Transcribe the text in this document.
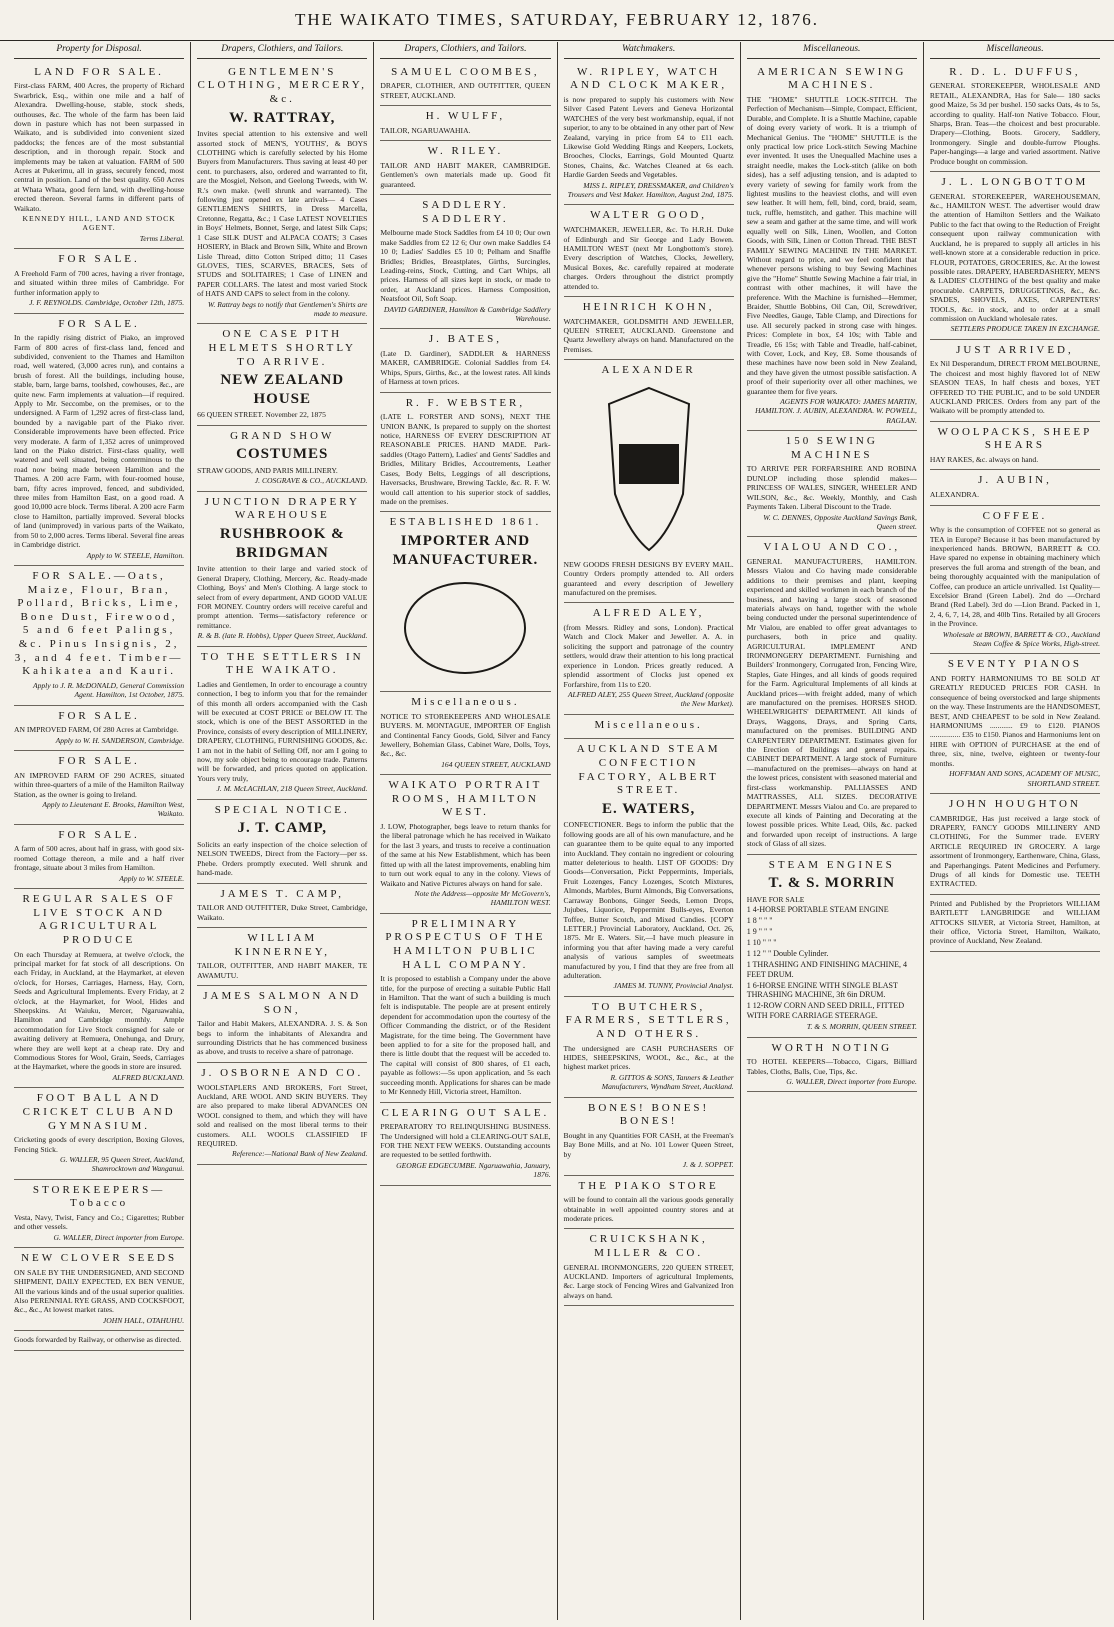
THE WAIKATO TIMES, SATURDAY, FEBRUARY 12, 1876.
Property for Disposal.
LAND FOR SALE.
First-class FARM, 400 Acres, the property of Richard Swarbrick, Esq., within one mile and a half of Alexandra. Dwelling-house, stable, stock sheds, outhouses, &c. The whole of the farm has been laid down in pasture which has not been surpassed in Waikato, and is subdivided into convenient sized paddocks; the fences are of the most substantial description, and in thorough repair. Stock and implements may be taken at valuation. FARM of 500 Acres at Pukerimu, all in grass, securely fenced, most central in position. Land of the best quality. 650 Acres at Whata Whata, good fern land, with dwelling-house erected thereon. Several farms in different parts of Waikato.
KENNEDY HILL, LAND AND STOCK AGENT.
Terms Liberal.
FOR SALE.
A Freehold Farm of 700 acres, having a river frontage, and situated within three miles of Cambridge. For further information apply to
J. F. REYNOLDS. Cambridge, October 12th, 1875.
FOR SALE.
In the rapidly rising district of Piako, an improved Farm of 800 acres of first-class land, fenced and subdivided, convenient to the Thames and Hamilton road, well watered, (3,000 acres run), and contains a brush of forest. All the buildings, including house, stable, barn, large barns, toolshed, cowhouses, &c., are quite new. Farm implements at valuation—if required. Apply to Mr. Seccombe, on the premises, or to the undersigned. A Farm of 1,292 acres of first-class land, bounded by a navigable part of the Piako river. Considerable improvements have been effected. Price very moderate. A farm of 1,352 acres of unimproved land on the Piako district. First-class quality, well watered and well situated, being conterminous to the road now being made between Hamilton and the Thames. A 200 acre Farm, with four-roomed house, barn, fifty acres improved, fenced, and subdivided, three miles from Hamilton East, on a good road. A good 10,000 acre block. Terms liberal. A 200 acre Farm close to Hamilton, partially improved. Several blocks of land (unimproved) in various parts of the Waikato, from 50 to 2,000 acres. Terms liberal. Several fine areas in Cambridge district.
Apply to W. STEELE, Hamilton.
FOR SALE.—Oats, Maize, Flour, Bran, Pollard, Bricks, Lime, Bone Dust, Firewood, 5 and 6 feet Palings, &c. Pinus Insignis, 2, 3, and 4 feet. Timber—Kahikatea and Kauri.
Apply to J. R. McDONALD, General Commission Agent. Hamilton, 1st October, 1875.
FOR SALE.
AN IMPROVED FARM, Of 280 Acres at Cambridge.
Apply to W. H. SANDERSON, Cambridge.
FOR SALE.
AN IMPROVED FARM OF 290 ACRES, situated within three-quarters of a mile of the Hamilton Railway Station, as the owner is going to Ireland.
Apply to Lieutenant E. Brooks, Hamilton West, Waikato.
FOR SALE.
A farm of 500 acres, about half in grass, with good six-roomed Cottage thereon, a mile and a half river frontage, situate about 3 miles from Hamilton.
Apply to W. STEELE.
REGULAR SALES OF LIVE STOCK AND AGRICULTURAL PRODUCE
On each Thursday at Remuera, at twelve o'clock, the principal market for fat stock of all descriptions. On each Friday, in Auckland, at the Haymarket, at eleven o'clock, for Horses, Carriages, Harness, Hay, Corn, Seeds and Agricultural Implements. Every Friday, at 2 o'clock, at the Haymarket, for Wool, Hides and Sheepskins. At Waiuku, Mercer, Ngaruawahia, Hamilton and Cambridge monthly. Ample accommodation for Live Stock consigned for sale or awaiting delivery at Remuera, Onehunga, and Drury, where they are well kept at a cheap rate. Dry and Commodious Stores for Wool, Grain, Seeds, Carriages at the Haymarket, where the goods in store are insured.
ALFRED BUCKLAND.
FOOT BALL AND CRICKET CLUB AND GYMNASIUM.
Cricketing goods of every description, Boxing Gloves, Fencing Stick.
G. WALLER, 95 Queen Street, Auckland, Shamrocktown and Wanganui.
STOREKEEPERS—Tobacco
Vesta, Navy, Twist, Fancy and Co.; Cigarettes; Rubber and other vessels.
G. WALLER, Direct importer from Europe.
NEW CLOVER SEEDS
ON SALE BY THE UNDERSIGNED, AND SECOND SHIPMENT, DAILY EXPECTED, EX BEN VENUE, All the various kinds and of the usual superior qualities. Also PERENNIAL RYE GRASS, AND COCKSFOOT, &c., &c., At lowest market rates.
JOHN HALL, OTAHUHU.
Goods forwarded by Railway, or otherwise as directed.
Drapers, Clothiers, and Tailors.
GENTLEMEN'S CLOTHING, MERCERY, &c.
W. RATTRAY,
Invites special attention to his extensive and well assorted stock of MEN'S, YOUTHS', & BOYS CLOTHING which is carefully selected by his Home Buyers from Manufacturers. Thus saving at least 40 per cent. to purchasers, also, ordered and warranted to fit, are the Mosgiel, Nelson, and Geelong Tweeds, with W. R.'s own make. (well shrunk and warranted). The following just opened ex late arrivals— 4 Cases GENTLEMEN'S SHIRTS, in Dress Marcella, Cretonne, Regatta, &c.; 1 Case LATEST NOVELTIES in Boys' Helmets, Bonnet, Serge, and latest Silk Caps; 1 Case SILK DUST and ALPACA COATS; 3 Cases HOSIERY, in Black and Brown Silk, White and Brown Lisle Thread, ditto Cotton Striped ditto; 11 Cases GLOVES, TIES, SCARVES, BRACES, Sets of STUDS and SOLITAIRES; 1 Case of LINEN and PAPER COLLARS. The latest and most varied Stock of HATS AND CAPS to select from in the colony.
W. Rattray begs to notify that Gentlemen's Shirts are made to measure.
ONE CASE PITH HELMETS SHORTLY TO ARRIVE.
NEW ZEALAND HOUSE
66 QUEEN STREET. November 22, 1875
GRAND SHOW
COSTUMES
STRAW GOODS, AND PARIS MILLINERY.
J. COSGRAVE & CO., AUCKLAND.
JUNCTION DRAPERY WAREHOUSE
RUSHBROOK & BRIDGMAN
Invite attention to their large and varied stock of General Drapery, Clothing, Mercery, &c. Ready-made Clothing, Boys' and Men's Clothing. A large stock to select from of every department, AND GOOD VALUE FOR MONEY. Country orders will receive careful and prompt attention. Terms—satisfactory reference or remittance.
R. & B. (late R. Hobbs), Upper Queen Street, Auckland.
TO THE SETTLERS IN THE WAIKATO.
Ladies and Gentlemen, In order to encourage a country connection, I beg to inform you that for the remainder of this month all orders accompanied with the Cash will be executed at COST PRICE or BELOW IT. The stock, which is one of the BEST ASSORTED in the Province, consists of every description of MILLINERY, DRAPERY, CLOTHING, FURNISHING GOODS, &c. I am not in the habit of Selling Off, nor am I going to now, my sole object being to encourage trade. Patterns will be forwarded, and prices quoted on application. Yours very truly,
J. M. McLACHLAN, 218 Queen Street, Auckland.
SPECIAL NOTICE.
J. T. CAMP,
Solicits an early inspection of the choice selection of NELSON TWEEDS, Direct from the Factory—per ss. Phebe. Orders promptly executed. Well shrunk and hand-made.
JAMES T. CAMP,
TAILOR AND OUTFITTER, Duke Street, Cambridge, Waikato.
WILLIAM KINNERNEY,
TAILOR, OUTFITTER, AND HABIT MAKER, TE AWAMUTU.
JAMES SALMON AND SON,
Tailor and Habit Makers, ALEXANDRA. J. S. & Son begs to inform the inhabitants of Alexandra and surrounding Districts that he has commenced business as above, and trusts to receive a share of patronage.
J. OSBORNE AND CO.
WOOLSTAPLERS AND BROKERS, Fort Street, Auckland, ARE WOOL AND SKIN BUYERS. They are also prepared to make liberal ADVANCES ON WOOL consigned to them, and which they will have sold and realised on the most liberal terms to their customers. ALL WOOLS CLASSIFIED IF REQUIRED.
Reference:—National Bank of New Zealand.
Drapers, Clothiers, and Tailors.
SAMUEL COOMBES,
DRAPER, CLOTHIER, AND OUTFITTER, QUEEN STREET, AUCKLAND.
H. WULFF,
TAILOR, NGARUAWAHIA.
W. RILEY.
TAILOR AND HABIT MAKER, CAMBRIDGE. Gentlemen's own materials made up. Good fit guaranteed.
SADDLERY. SADDLERY.
Melbourne made Stock Saddles from £4 10 0; Our own make Saddles from £2 12 6; Our own make Saddles £4 10 0; Ladies' Saddles £5 10 0; Pelham and Snaffle Bridles; Bridles, Breastplates, Girths, Surcingles, Leading-reins, Stock, Cutting, and Cart Whips, all prices. Harness of all sizes kept in stock, or made to order, at Auckland prices. Harness Composition, Neatsfoot Oil, Soft Soap.
DAVID GARDINER, Hamilton & Cambridge Saddlery Warehouse.
J. BATES,
(Late D. Gardiner), SADDLER & HARNESS MAKER, CAMBRIDGE. Colonial Saddles from £4. Whips, Spurs, Girths, &c., at the lowest rates. All kinds of Harness at town prices.
R. F. WEBSTER,
(LATE L. FORSTER AND SONS), NEXT THE UNION BANK, Is prepared to supply on the shortest notice, HARNESS OF EVERY DESCRIPTION AT REASONABLE PRICES. HAND MADE. Park-saddles (Otago Pattern), Ladies' and Gents' Saddles and Bridles, Military Bridles, Accoutrements, Leather Cases, Body Belts, Leggings of all descriptions, Haversacks, Brushware, Brewing Tackle, &c. R. F. W. would call attention to his superior stock of saddles, made on the premises.
ESTABLISHED 1861.
IMPORTER AND MANUFACTURER.
Miscellaneous.
NOTICE TO STOREKEEPERS AND WHOLESALE BUYERS. M. MONTAGUE, IMPORTER OF English and Continental Fancy Goods, Gold, Silver and Fancy Jewellery, Bohemian Glass, Cabinet Ware, Dolls, Toys, &c., &c.
164 QUEEN STREET, AUCKLAND
WAIKATO PORTRAIT ROOMS, HAMILTON WEST.
J. LOW, Photographer, begs leave to return thanks for the liberal patronage which he has received in Waikato for the last 3 years, and trusts to receive a continuation of the same at his New Establishment, which has been fitted up with all the latest improvements, enabling him to turn out work equal to any in the colony. Views of Waikato and Native Pictures always on hand for sale.
Note the Address—opposite Mr McGovern's, HAMILTON WEST.
PRELIMINARY PROSPECTUS OF THE HAMILTON PUBLIC HALL COMPANY.
It is proposed to establish a Company under the above title, for the purpose of erecting a suitable Public Hall in Hamilton. That the want of such a building is much felt is indisputable. The people are at present entirely dependent for accommodation upon the courtesy of the Officer Commanding the district, or of the Resident Magistrate, for the time being. The Government have been applied to for a site for the proposed hall, and there is little doubt that the request will be acceded to. The capital will consist of 800 shares, of £1 each, payable as follows:—5s upon application, and 5s each succeeding month. Applications for shares can be made to Mr Kennedy Hill, Victoria street, Hamilton.
CLEARING OUT SALE.
PREPARATORY TO RELINQUISHING BUSINESS. The Undersigned will hold a CLEARING-OUT SALE, FOR THE NEXT FEW WEEKS. Outstanding accounts are requested to be settled forthwith.
GEORGE EDGECUMBE. Ngaruawahia, January, 1876.
Watchmakers.
W. RIPLEY, WATCH AND CLOCK MAKER,
is now prepared to supply his customers with New Silver Cased Patent Levers and Geneva Horizontal WATCHES of the very best workmanship, equal, if not superior, to any to be obtained in any other part of New Zealand, varying in price from £4 to £11 each. Likewise Gold Wedding Rings and Keepers, Lockets, Brooches, Clocks, Earrings, Gold Mounted Quartz Stones, Chains, &c. Watches Cleaned at 6s each. Hardie Garden Seeds and Vegetables.
MISS L. RIPLEY, DRESSMAKER, and Children's Trousers and Vest Maker. Hamilton, August 2nd, 1875.
WALTER GOOD,
WATCHMAKER, JEWELLER, &c. To H.R.H. Duke of Edinburgh and Sir George and Lady Bowen. HAMILTON WEST (next Mr Longbottom's store). Every description of Watches, Clocks, Jewellery, Musical Boxes, &c. carefully repaired at moderate charges. Orders throughout the district promptly attended to.
HEINRICH KOHN,
WATCHMAKER, GOLDSMITH AND JEWELLER, QUEEN STREET, AUCKLAND. Greenstone and Quartz Jewellery always on hand. Manufactured on the Premises.
ALEXANDER
NEW GOODS FRESH DESIGNS BY EVERY MAIL. Country Orders promptly attended to. All orders guaranteed and every description of Jewellery manufactured on the premises.
ALFRED ALEY,
(from Messrs. Ridley and sons, London). Practical Watch and Clock Maker and Jeweller. A. A. in soliciting the support and patronage of the country settlers, would draw their attention to his long practical experience in London. Prices greatly reduced. A splendid assortment of Clocks just opened ex Forfarshire, from 11s to £20.
ALFRED ALEY, 255 Queen Street, Auckland (opposite the New Market).
Miscellaneous.
AUCKLAND STEAM CONFECTION FACTORY, ALBERT STREET.
E. WATERS,
CONFECTIONER. Begs to inform the public that the following goods are all of his own manufacture, and he can guarantee them to be quite equal to any imported into Auckland. They contain no ingredient or colouring matter deleterious to health. LIST OF GOODS: Dry Goods—Conversation, Pickt Peppermints, Imperials, Fruit Lozenges, Fancy Lozenges, Scotch Mixtures, Almonds, Marbles, Burnt Almonds, Big Conversations, Carraway Bonbons, Ginger Seeds, Lemon Drops, Jujubes, Liquorice, Peppermint Bulls-eyes, Everton Toffee, Butter Scotch, and Mixed Candies. [COPY LETTER.] Provincial Laboratory, Auckland, Oct. 26, 1875. Mr E. Waters. Sir,—I have much pleasure in informing you that after having made a very careful analysis of various samples of sweetmeats manufactured by you, I find that they are free from all adulteration.
JAMES M. TUNNY, Provincial Analyst.
TO BUTCHERS, FARMERS, SETTLERS, AND OTHERS.
The undersigned are CASH PURCHASERS OF HIDES, SHEEPSKINS, WOOL, &c., &c., at the highest market prices.
R. GITTOS & SONS, Tanners & Leather Manufacturers, Wyndham Street, Auckland.
BONES! BONES! BONES!
Bought in any Quantities FOR CASH, at the Freeman's Bay Bone Mills, and at No. 101 Lower Queen Street, by
J. & J. SOPPET.
THE PIAKO STORE
will be found to contain all the various goods generally obtainable in well appointed country stores and at moderate prices.
CRUICKSHANK, MILLER & CO.
GENERAL IRONMONGERS, 220 QUEEN STREET, AUCKLAND. Importers of agricultural Implements, &c. Large stock of Fencing Wires and Galvanized Iron always on hand.
Miscellaneous.
AMERICAN SEWING MACHINES.
THE "HOME" SHUTTLE LOCK-STITCH. The Perfection of Mechanism—Simple, Compact, Efficient, Durable, and Complete. It is a Shuttle Machine, capable of doing every variety of work. It is a triumph of Mechanical Genius. The "HOME" SHUTTLE is the only practical low price Lock-stitch Sewing Machine ever invented. It uses the Unequalled Machine uses a straight needle, makes the Lock-stitch (alike on both sides), has a self adjusting tension, and is adapted to every variety of sewing for family work from the lightest muslins to the heaviest cloths, and will even sew leather. It will hem, fell, bind, cord, braid, seam, tuck, ruffle, hemstitch, and gather. This machine will sew a seam and gather at the same time, and will work equally well on Silk, Linen, Woollen, and Cotton Goods, with Silk, Linen or Cotton Thread. THE BEST FAMILY SEWING MACHINE IN THE MARKET. Without regard to price, and we feel confident that whenever persons wishing to buy Sewing Machines give the "Home" Shuttle Sewing Machine a fair trial, in contrast with other machines, it will have the preference. With the Machine is furnished—Hemmer, Braider, Shuttle Bobbins, Oil Can, Oil, Screwdriver, Five Needles, Gauge, Table Clamp, and Directions for use. All securely packed in strong case with hinges. Prices: Complete in box, £4 10s; with Table and Treadle, £6 15s; with Table and Treadle, half-cabinet, with Cover, Lock, and Key, £8. Some thousands of these machines have now been sold in New Zealand, and they have given the utmost possible satisfaction. A proof of their superiority over all other machines, we guarantee them for five years.
AGENTS FOR WAIKATO: JAMES MARTIN, HAMILTON. J. AUBIN, ALEXANDRA. W. POWELL, RAGLAN.
150 SEWING MACHINES
TO ARRIVE PER FORFARSHIRE AND ROBINA DUNLOP including those splendid makes— PRINCESS OF WALES, SINGER, WHEELER AND WILSON, &c., &c. Weekly, Monthly, and Cash Payments Taken. Liberal Discount to the Trade.
W. C. DENNES, Opposite Auckland Savings Bank, Queen street.
VIALOU AND CO.,
GENERAL MANUFACTURERS, HAMILTON. Messrs Vialou and Co having made considerable additions to their premises and plant, keeping experienced and skilled workmen in each branch of the business, and having a large stock of seasoned materials always on hand, together with the whole being conducted under the personal superintendence of Mr Vialou, are enabled to offer great advantages to purchasers, both in price and quality. AGRICULTURAL IMPLEMENT AND IRONMONGERY DEPARTMENT. Furnishing and Builders' Ironmongery, Corrugated Iron, Fencing Wire, Staples, Gate Hinges, and all kinds of goods required for the Farm. Agricultural Implements of all kinds at Auckland prices—with freight added, many of which are manufactured on the premises. HORSES SHOD. WHEELWRIGHTS' DEPARTMENT. All kinds of Drays, Waggons, Drays, and Spring Carts, manufactured on the premises. BUILDING AND CARPENTERY DEPARTMENT. Estimates given for the Erection of Buildings and general repairs. CABINET DEPARTMENT. A large stock of Furniture—manufactured on the premises—always on hand at the lowest prices, consistent with seasoned material and first-class workmanship. PALLIASSES AND MATTRASSES, ALL SIZES. DECORATIVE DEPARTMENT. Messrs Vialou and Co. are prepared to execute all kinds of Painting and Decorating at the lowest possible prices. White Lead, Oils, &c. packed and forwarded upon receipt of instructions. A large stock of Glass of all sizes.
STEAM ENGINES
T. & S. MORRIN
HAVE FOR SALE
1 4-HORSE PORTABLE STEAM ENGINE
1 8 " " "
1 9 " " "
1 10 " " "
1 12 " " Double Cylinder.
1 THRASHING AND FINISHING MACHINE, 4 FEET DRUM.
1 6-HORSE ENGINE WITH SINGLE BLAST THRASHING MACHINE, 3ft 6in DRUM.
1 12-ROW CORN AND SEED DRILL, FITTED WITH FORE CARRIAGE STEERAGE.
T. & S. MORRIN, QUEEN STREET.
WORTH NOTING
TO HOTEL KEEPERS—Tobacco, Cigars, Billiard Tables, Cloths, Balls, Cue, Tips, &c.
G. WALLER, Direct importer from Europe.
Miscellaneous.
R. D. L. DUFFUS,
GENERAL STOREKEEPER, WHOLESALE AND RETAIL, ALEXANDRA, Has for Sale— 180 sacks good Maize, 5s 3d per bushel. 150 sacks Oats, 4s to 5s, according to quality. Half-ton Native Tobacco. Flour, Sharps, Bran. Teas—the choicest and best procurable. Drapery—Clothing, Boots. Grocery, Saddlery, Ironmongery. Single and double-furrow Ploughs. Paper-hangings—a large and varied assortment. Native Produce bought on commission.
J. L. LONGBOTTOM
GENERAL STOREKEEPER, WAREHOUSEMAN, &c., HAMILTON WEST. The advertiser would draw the attention of Hamilton Settlers and the Waikato Public to the fact that owing to the Reduction of Freight consequent upon railway communication with Auckland, he is prepared to supply all articles in his well-known store at a considerable reduction in price. FLOUR, POTATOES, GROCERIES, &c. At the lowest possible rates. DRAPERY, HABERDASHERY, MEN'S & LADIES' CLOTHING of the best quality and make procurable. CARPETS, DRUGGETINGS, &c., &c. SPADES, SHOVELS, AXES, CARPENTERS' TOOLS, &c. in stock, and to order at a small commission on Auckland wholesale rates.
SETTLERS PRODUCE TAKEN IN EXCHANGE.
JUST ARRIVED,
Ex Nil Desperandum, DIRECT FROM MELBOURNE, The choicest and most highly flavored lot of NEW SEASON TEAS, In half chests and boxes, YET OFFERED TO THE PUBLIC, and to be sold UNDER AUCKLAND PRICES. Orders from any part of the Waikato will be promptly attended to.
WOOLPACKS, SHEEP SHEARS
HAY RAKES, &c. always on hand.
J. AUBIN,
ALEXANDRA.
COFFEE.
Why is the consumption of COFFEE not so general as TEA in Europe? Because it has been manufactured by inexperienced hands. BROWN, BARRETT & CO. Have spared no expense in obtaining machinery which preserves the full aroma and strength of the bean, and being thoroughly acquainted with the manipulation of Coffee, can produce an article unrivalled. 1st Quality—Excelsior Brand (Green Label). 2nd do —Orchard Brand (Red Label). 3rd do —Lion Brand. Packed in 1, 2, 4, 6, 7, 14, 28, and 40lb Tins. Retailed by all Grocers in the Province.
Wholesale at BROWN, BARRETT & CO., Auckland Steam Coffee & Spice Works, High-street.
SEVENTY PIANOS
AND FORTY HARMONIUMS TO BE SOLD AT GREATLY REDUCED PRICES FOR CASH. In consequence of being overstocked and large shipments on the way. These Instruments are the HANDSOMEST, BEST, AND CHEAPEST to be sold in New Zealand. HARMONIUMS ............ £9 to £120. PIANOS ................ £35 to £150. Pianos and Harmoniums lent on HIRE with OPTION of PURCHASE at the end of three, six, nine, twelve, eighteen or twenty-four months.
HOFFMAN AND SONS, ACADEMY OF MUSIC, SHORTLAND STREET.
JOHN HOUGHTON
CAMBRIDGE, Has just received a large stock of DRAPERY, FANCY GOODS MILLINERY AND CLOTHING, For the Summer trade. EVERY ARTICLE REQUIRED IN GROCERY. A large assortment of Ironmongery, Earthenware, China, Glass, and Paperhangings. Patent Medicines and Perfumery. Drugs of all kinds for Domestic use. TEETH EXTRACTED.
Printed and Published by the Proprietors WILLIAM BARTLETT LANGBRIDGE and WILLIAM ATTOCKS SILVER, at Victoria Street, Hamilton, at their office, Victoria Street, Hamilton, Waikato, province of Auckland, New Zealand.
